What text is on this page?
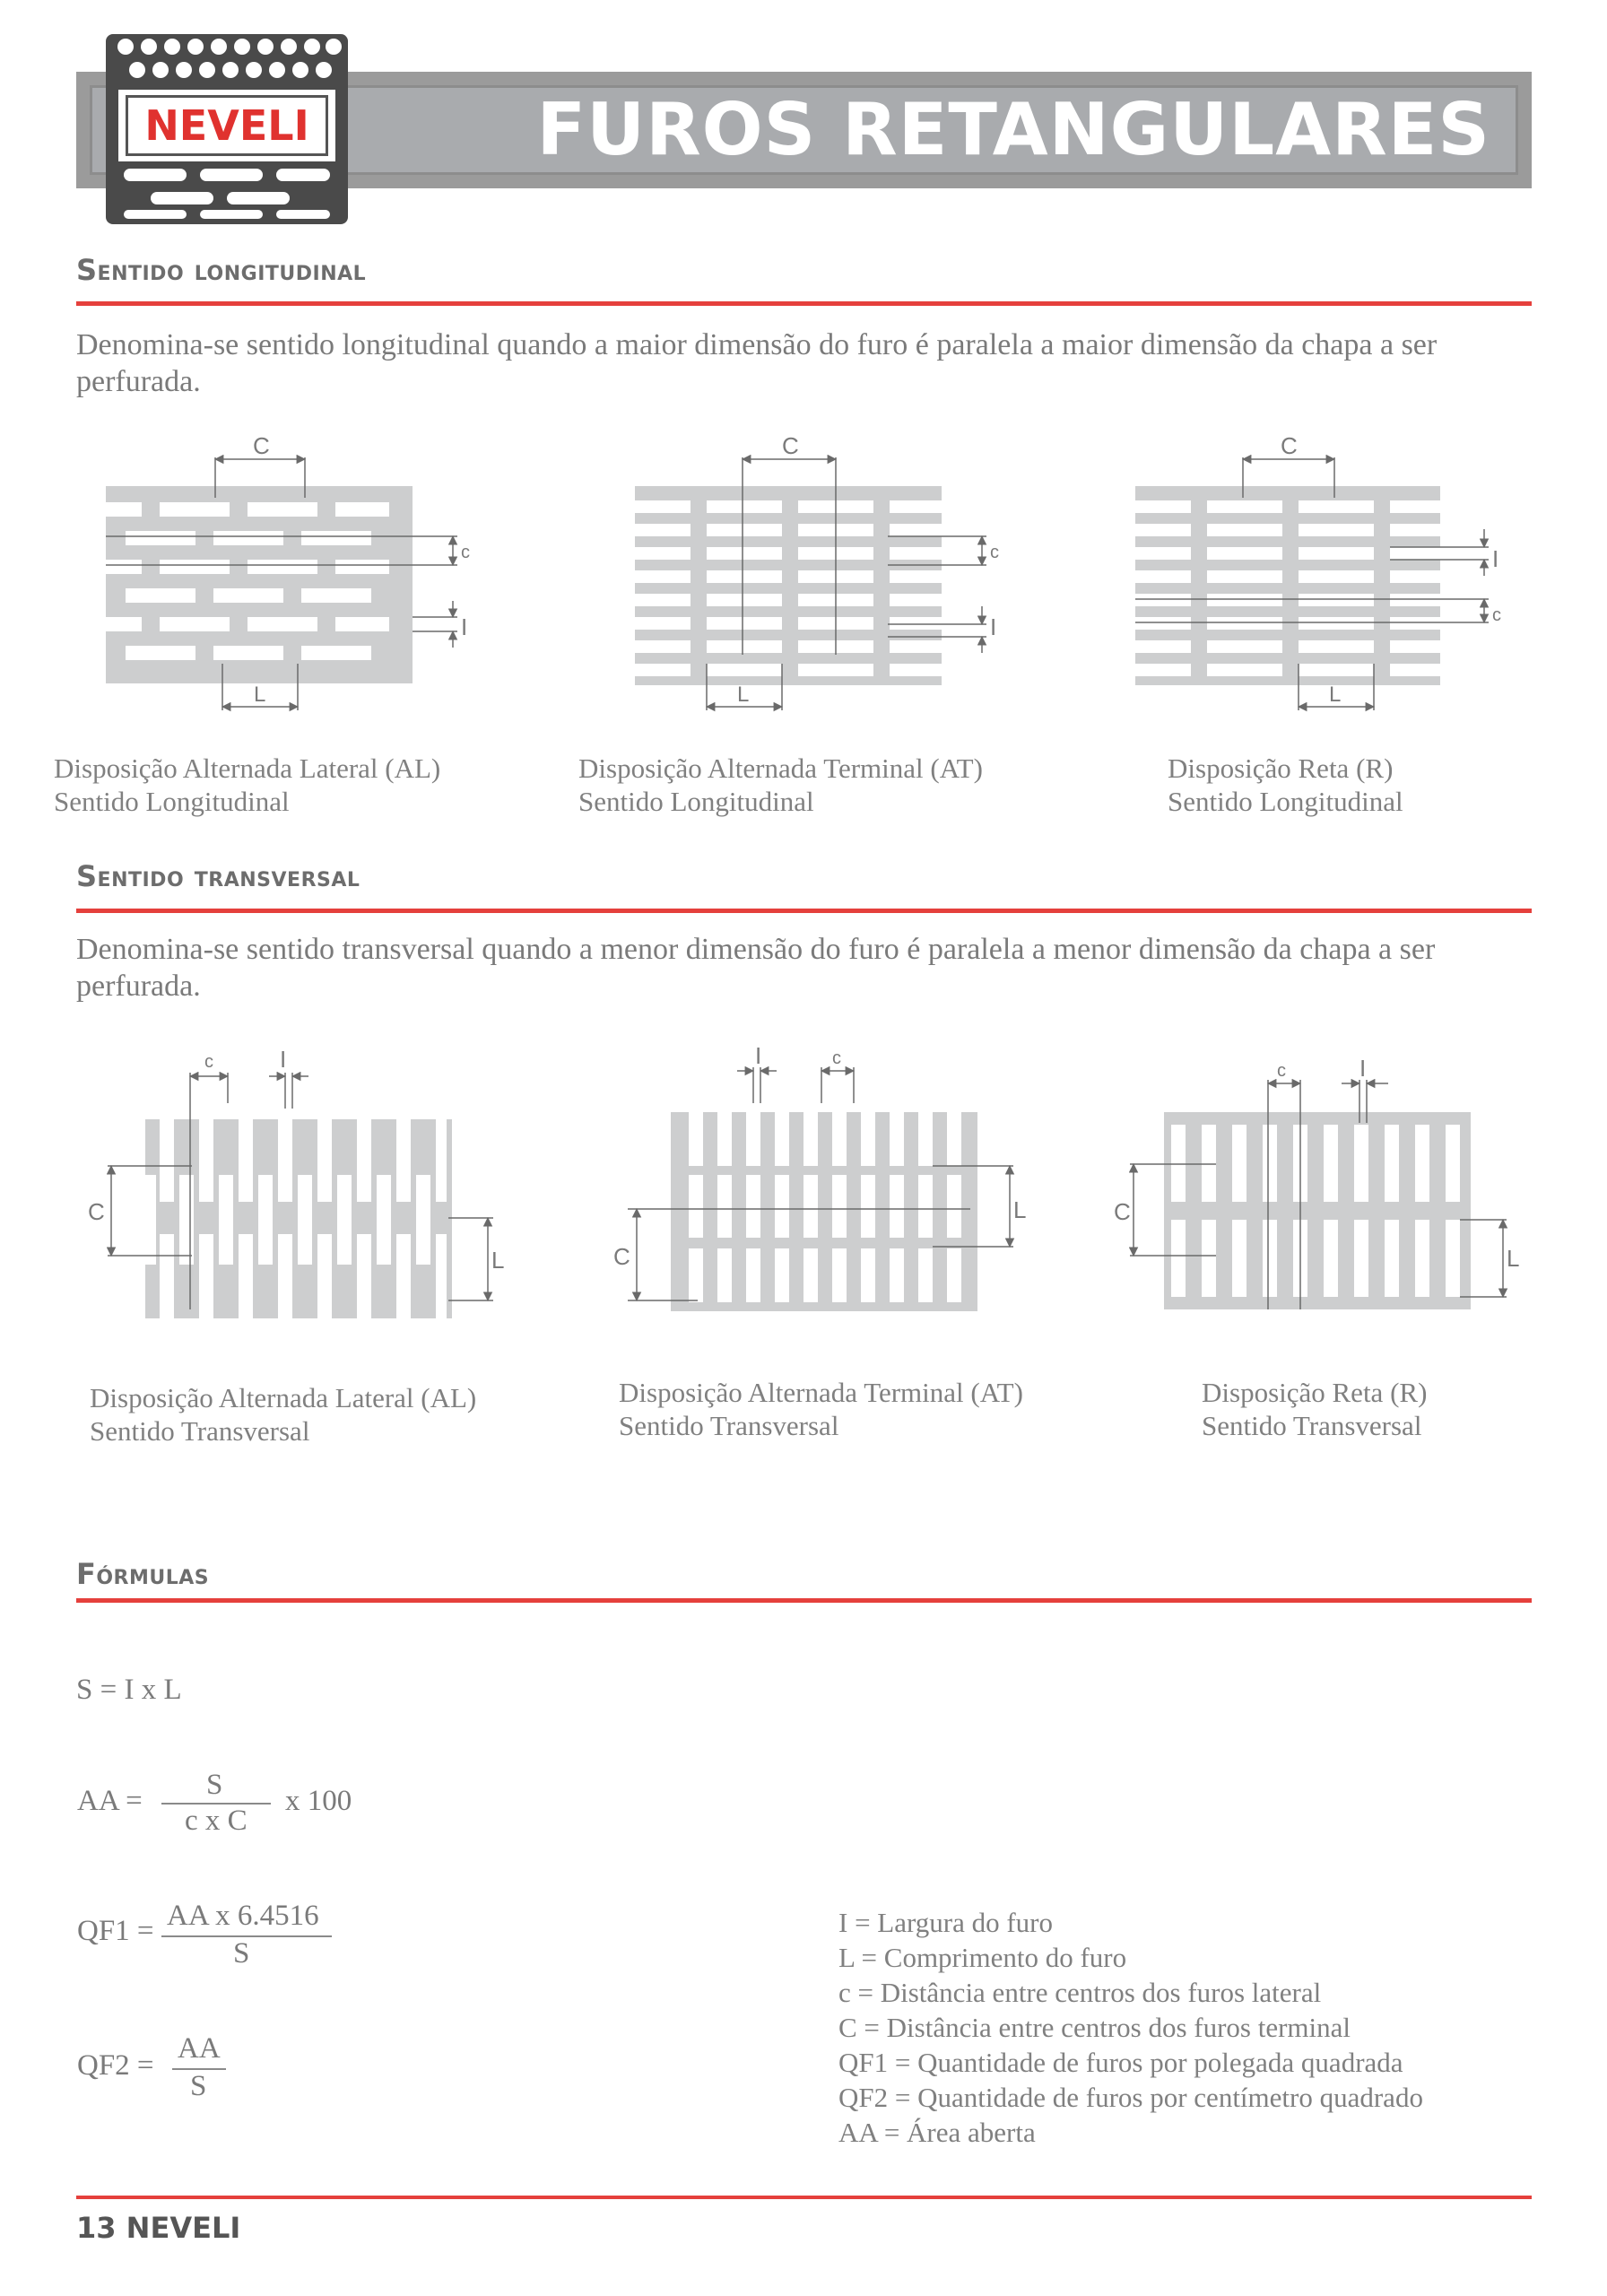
FUROS RETANGULARES
NEVELI
Sentido longitudinal
Denomina-se sentido longitudinal quando a maior dimensão do furo é paralela a maior dimensão da chapa a ser perfurada.
C
c
I
L
C
c
I
L
C
I
c
L
Disposição Alternada Lateral (AL)
Sentido Longitudinal
Disposição Alternada Terminal (AT)
Sentido Longitudinal
Disposição Reta (R)
Sentido Longitudinal
Sentido transversal
Denomina-se sentido transversal quando a menor dimensão do furo é paralela a menor dimensão da chapa a ser perfurada.
c	I
C
L
I	c
L
C
c	I
C
L
Disposição Alternada Lateral (AL)
Sentido Transversal
Disposição Alternada Terminal (AT)
Sentido Transversal
Disposição Reta (R)
Sentido Transversal
Fórmulas
S = I x L
AA = S
c x C
x 100
QF1 = AA x 6.4516
S
QF2 =
AA
S
I = Largura do furo
L = Comprimento do furo
c = Distância entre centros dos furos lateral
C = Distância entre centros dos furos terminal
QF1 = Quantidade de furos por polegada quadrada
QF2 = Quantidade de furos por centímetro quadrado
AA = Área aberta
13 NEVELI
